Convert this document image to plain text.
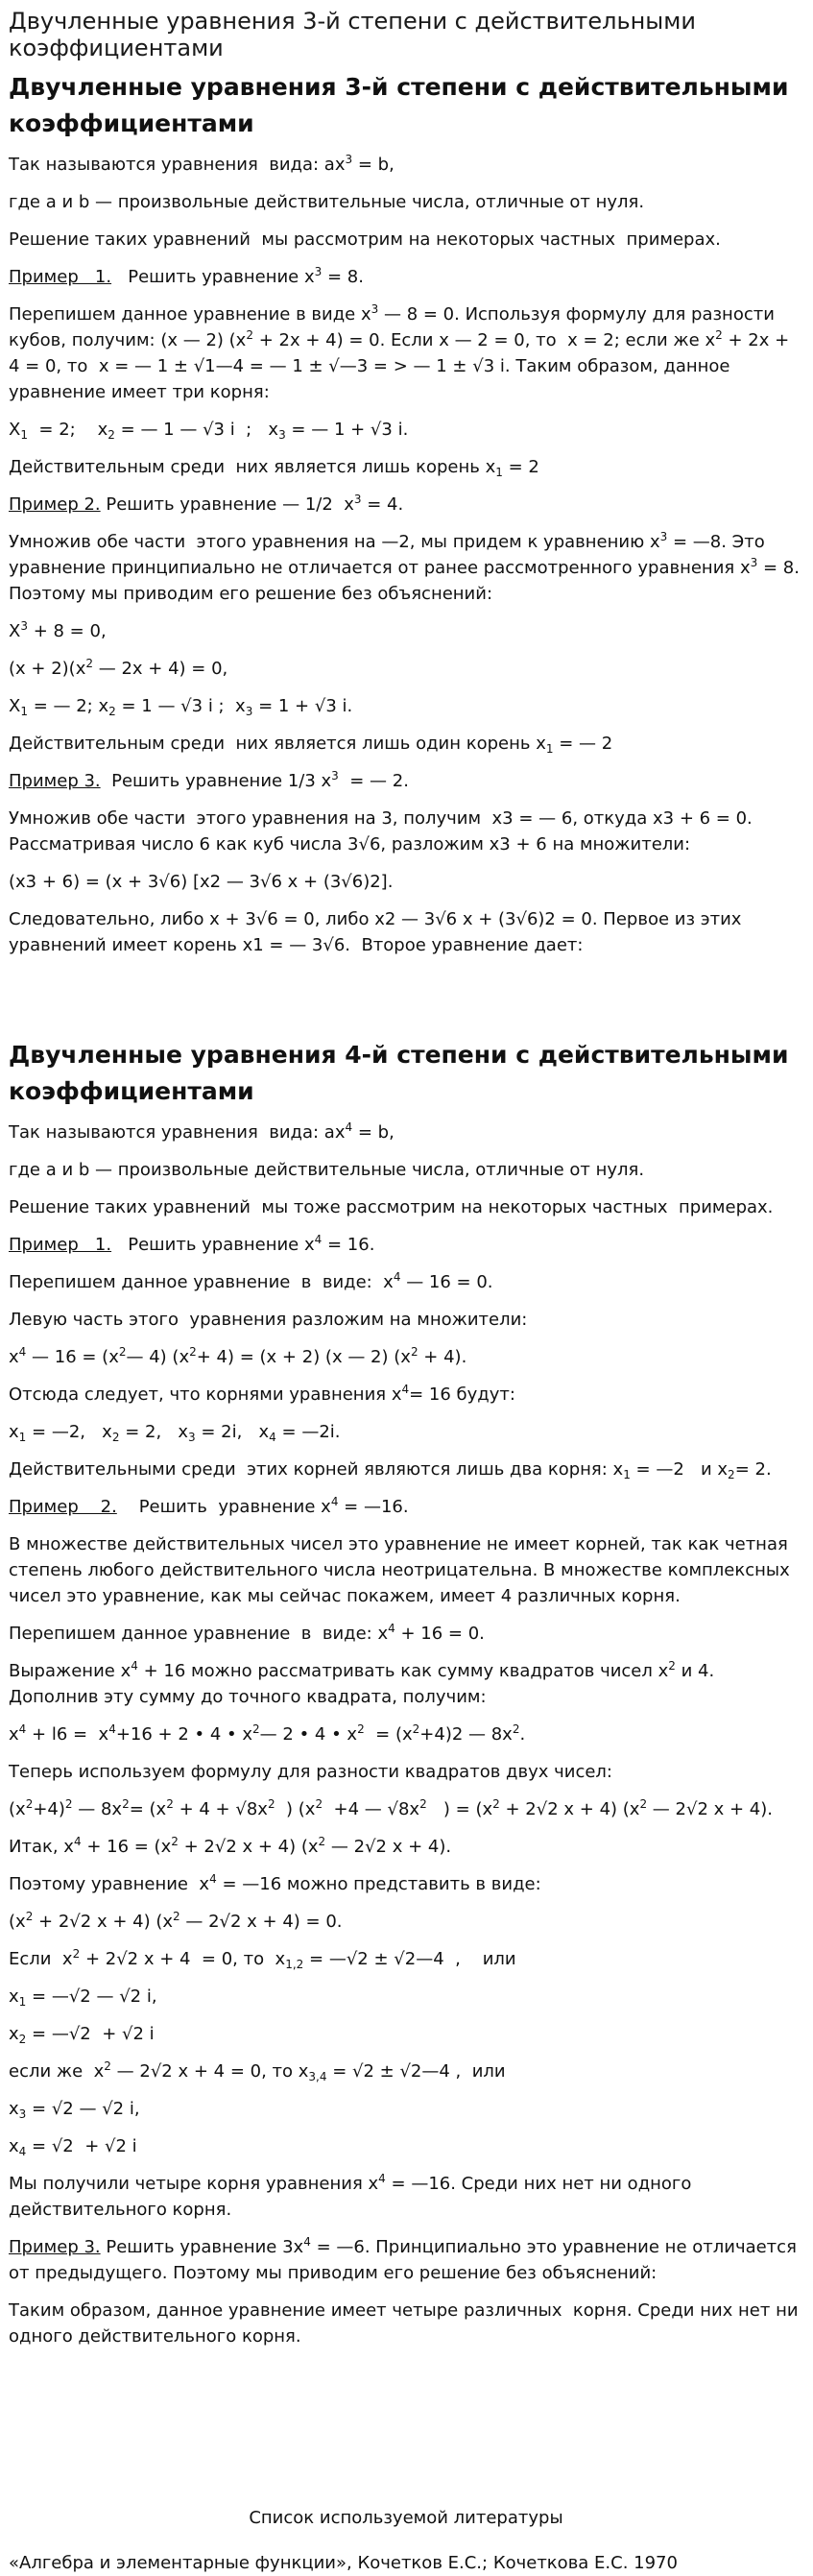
Двучленные уравнения 3-й степени с действительными коэффициентами
Двучленные уравнения 3-й степени с действительными коэффициентами
Так называются уравнения  вида: $ax^3 = b$,
где a и b — произвольные действительные числа, отличные от нуля.
Решение таких уравнений  мы рассмотрим на некоторых частных  примерах.
Пример   1.   Решить уравнение $x^3 = 8$.
Перепишем данное уравнение в виде $x^3$ — 8 = 0. Используя формулу для разности кубов, получим: (x — 2) $(x^2 + 2x + 4) = 0$. Если x — 2 = 0, то  x = 2; если же $x^2 + 2x + 4 = 0$, то  x = — 1 ± √1—4 = — 1 ± √—3 = > — 1 ± √3 i. Таким образом, данное уравнение имеет три корня:
$X_1 = 2$;    $x_2$ = — 1 — √3 i  ;   $x_3$ = — 1 + √3 i.
Действительным среди  них является лишь корень $x_1 = 2$
Пример 2. Решить уравнение — 1/2  $x^3 = 4$.
Умножив обе части  этого уравнения на —2, мы придем к уравнению $x^3$ = —8. Это уравнение принципиально не отличается от ранее рассмотренного уравнения $x^3 = 8$. Поэтому мы приводим его решение без объяснений:
$X^3 + 8 = 0$,
$(x + 2)(x^2$ — 2x + 4) = 0,
$X_1$ = — 2; $x_2 = 1$ — √3 i ;  $x_3 = 1 + √3$ i.
Действительным среди  них является лишь один корень $x_1$ = — 2
Пример 3.  Решить уравнение 1/3 $x^3$  = — 2.
Умножив обе части  этого уравнения на 3, получим  x3 = — 6, откуда x3 + 6 = 0. Рассматривая число 6 как куб числа 3√6, разложим x3 + 6 на множители:
(x3 + 6) = (x + 3√6) [x2 — 3√6 x + (3√6)2].
Следовательно, либо x + 3√6 = 0, либо x2 — 3√6 x + (3√6)2 = 0. Первое из этих уравнений имеет корень x1 = — 3√6.  Второе уравнение дает:
Двучленные уравнения 4-й степени с действительными коэффициентами
Так называются уравнения  вида: $ax^4 = b$,
где a и b — произвольные действительные числа, отличные от нуля.
Решение таких уравнений  мы тоже рассмотрим на некоторых частных  примерах.
Пример   1.   Решить уравнение $x^4 = 16$.
Перепишем данное уравнение  в  виде:  $x^4$ — 16 = 0.
Левую часть этого  уравнения разложим на множители:
$x^4$ — $16 = (x^2—$ 4) $(x^2+ 4) = (x + 2)$ (x — 2) $(x^2 + 4)$.
Отсюда следует, что корнями уравнения $x^4= 16$ будут:
$x_1$ = —2,   $x_2 = 2$,   $x_3 = 2i$,   $x_4$ = —2i.
Действительными среди  этих корней являются лишь два корня: $x_1$ = —2   и $x_2= 2$.
Пример    2.    Решить  уравнение $x^4$ = —16.
В множестве действительных чисел это уравнение не имеет корней, так как четная степень любого действительного числа неотрицательна. В множестве комплексных чисел это уравнение, как мы сейчас покажем, имеет 4 различных корня.
Перепишем данное уравнение  в  виде: $x^4 + 16 = 0$.
Выражение $x^4 + 16$ можно рассматривать как сумму квадратов чисел $x^2$ и 4. Дополнив эту сумму до точного квадрата, получим:
$x^4 + l6 = x^4+16 + 2$ • 4 • $x^2—$ 2 • 4 • $x^2 = (x^2+4)2$ — $8x^2$.
Теперь используем формулу для разности квадратов двух чисел:
$(x^2+4)^2$ — $8x^2= (x^2 + 4 + √8x^2$  ) ($x^2 +4$ — $√8x^2$   ) = ($x^2 + 2√2$ x + 4) ($x^2$ — 2√2 x + 4).
Итак, $x^4 + 16 = (x^2 + 2√2$ x + 4) ($x^2$ — 2√2 x + 4).
Поэтому уравнение  $x^4$ = —16 можно представить в виде:
($x^2 + 2√2$ x + 4) ($x^2$ — 2√2 x + 4) = 0.
Если  $x^2 + 2√2$ x + 4  = 0, то  $x_{1,2}$ = —√2 ± √2—4  ,    или
$x_1$ = —√2 — √2 i,
$x_2$ = —√2  + √2 i
если же  $x^2$ — 2√2 x + 4 = 0, то $x_{3,4} = √2$ ± √2—4 ,  или
$x_3 = √2$ — √2 i,
$x_4 = √2 + √2$ i
Мы получили четыре корня уравнения $x^4$ = —16. Среди них нет ни одного действительного корня.
Пример 3. Решить уравнение $3x^4$ = —6. Принципиально это уравнение не отличается от предыдущего. Поэтому мы приводим его решение без объяснений:
Таким образом, данное уравнение имеет четыре различных  корня. Среди них нет ни одного действительного корня.
Список используемой литературы
«Алгебра и элементарные функции», Кочетков Е.С.; Кочеткова Е.С. 1970
